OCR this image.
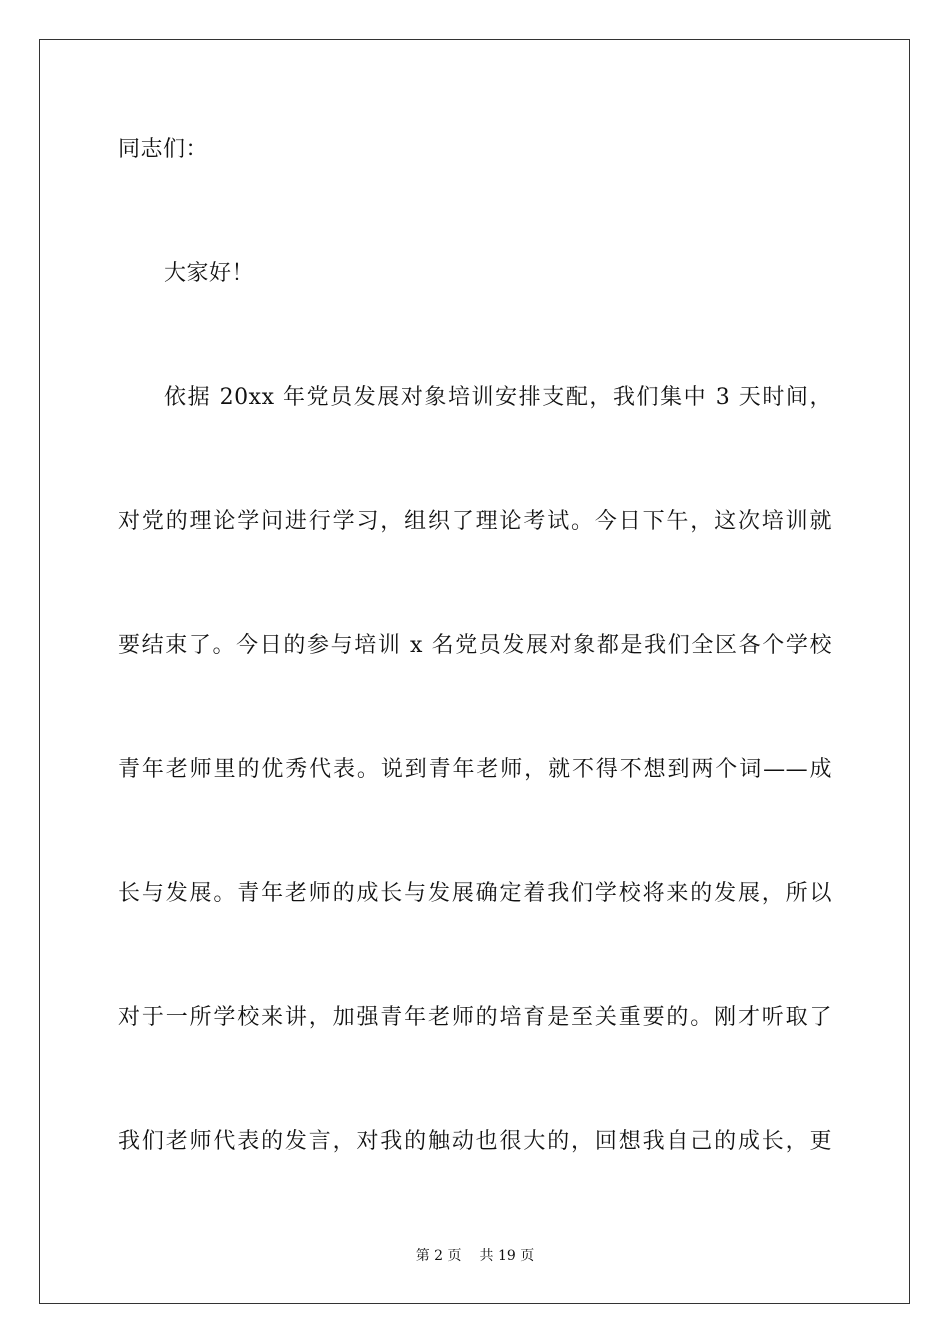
同志们：
大家好！
依据 20xx 年党员发展对象培训安排支配，我们集中 3 天时间，
对党的理论学问进行学习，组织了理论考试。今日下午，这次培训就
要结束了。今日的参与培训 x 名党员发展对象都是我们全区各个学校
青年老师里的优秀代表。说到青年老师，就不得不想到两个词——成
长与发展。青年老师的成长与发展确定着我们学校将来的发展，所以
对于一所学校来讲，加强青年老师的培育是至关重要的。刚才听取了
我们老师代表的发言，对我的触动也很大的，回想我自己的成长，更
第 2 页 共 19 页
